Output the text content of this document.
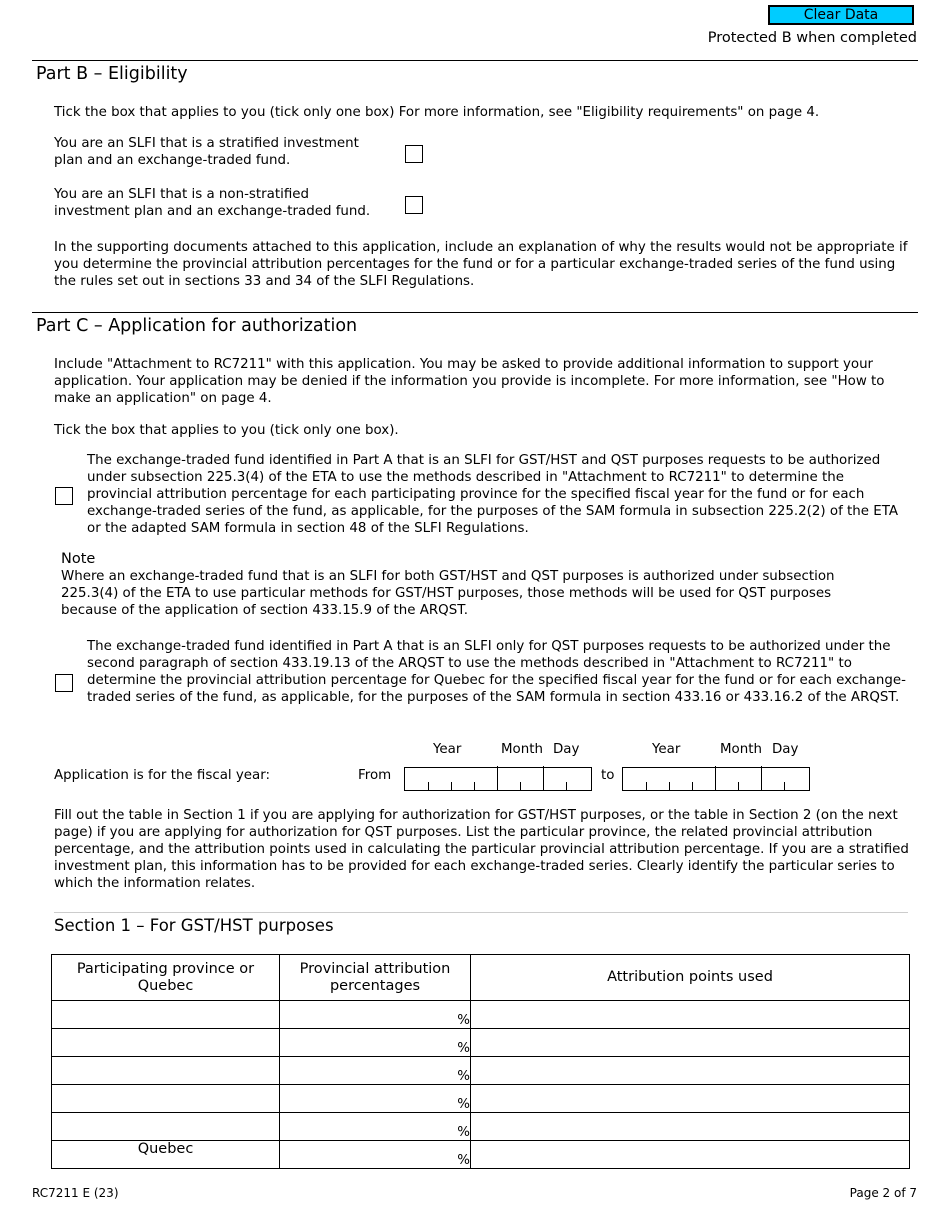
Clear Data
Protected B when completed
Part B – Eligibility
Tick the box that applies to you (tick only one box) For more information, see "Eligibility requirements" on page 4.
You are an SLFI that is a stratified investment plan and an exchange-traded fund.
You are an SLFI that is a non-stratified investment plan and an exchange-traded fund.
In the supporting documents attached to this application, include an explanation of why the results would not be appropriate if you determine the provincial attribution percentages for the fund or for a particular exchange-traded series of the fund using the rules set out in sections 33 and 34 of the SLFI Regulations.
Part C – Application for authorization
Include "Attachment to RC7211" with this application. You may be asked to provide additional information to support your application. Your application may be denied if the information you provide is incomplete. For more information, see "How to make an application" on page 4.
Tick the box that applies to you (tick only one box).
The exchange-traded fund identified in Part A that is an SLFI for GST/HST and QST purposes requests to be authorized under subsection 225.3(4) of the ETA to use the methods described in "Attachment to RC7211" to determine the provincial attribution percentage for each participating province for the specified fiscal year for the fund or for each exchange-traded series of the fund, as applicable, for the purposes of the SAM formula in subsection 225.2(2) of the ETA or the adapted SAM formula in section 48 of the SLFI Regulations.
Note
Where an exchange-traded fund that is an SLFI for both GST/HST and QST purposes is authorized under subsection 225.3(4) of the ETA to use particular methods for GST/HST purposes, those methods will be used for QST purposes because of the application of section 433.15.9 of the ARQST.
The exchange-traded fund identified in Part A that is an SLFI only for QST purposes requests to be authorized under the second paragraph of section 433.19.13 of the ARQST to use the methods described in "Attachment to RC7211" to determine the provincial attribution percentage for Quebec for the specified fiscal year for the fund or for each exchange-traded series of the fund, as applicable, for the purposes of the SAM formula in section 433.16 or 433.16.2 of the ARQST.
Year	Month Day	Year	Month Day
Application is for the fiscal year:	From	to
Fill out the table in Section 1 if you are applying for authorization for GST/HST purposes, or the table in Section 2 (on the next page) if you are applying for authorization for QST purposes. List the particular province, the related provincial attribution percentage, and the attribution points used in calculating the particular provincial attribution percentage. If you are a stratified investment plan, this information has to be provided for each exchange-traded series. Clearly identify the particular series to which the information relates.
Section 1 – For GST/HST purposes
Participating province or Quebec	Provincial attribution percentages	Attribution points used
	%	
	%	
	%	
	%	
	%	
Quebec	%	
RC7211 E (23)	Page 2 of 7
